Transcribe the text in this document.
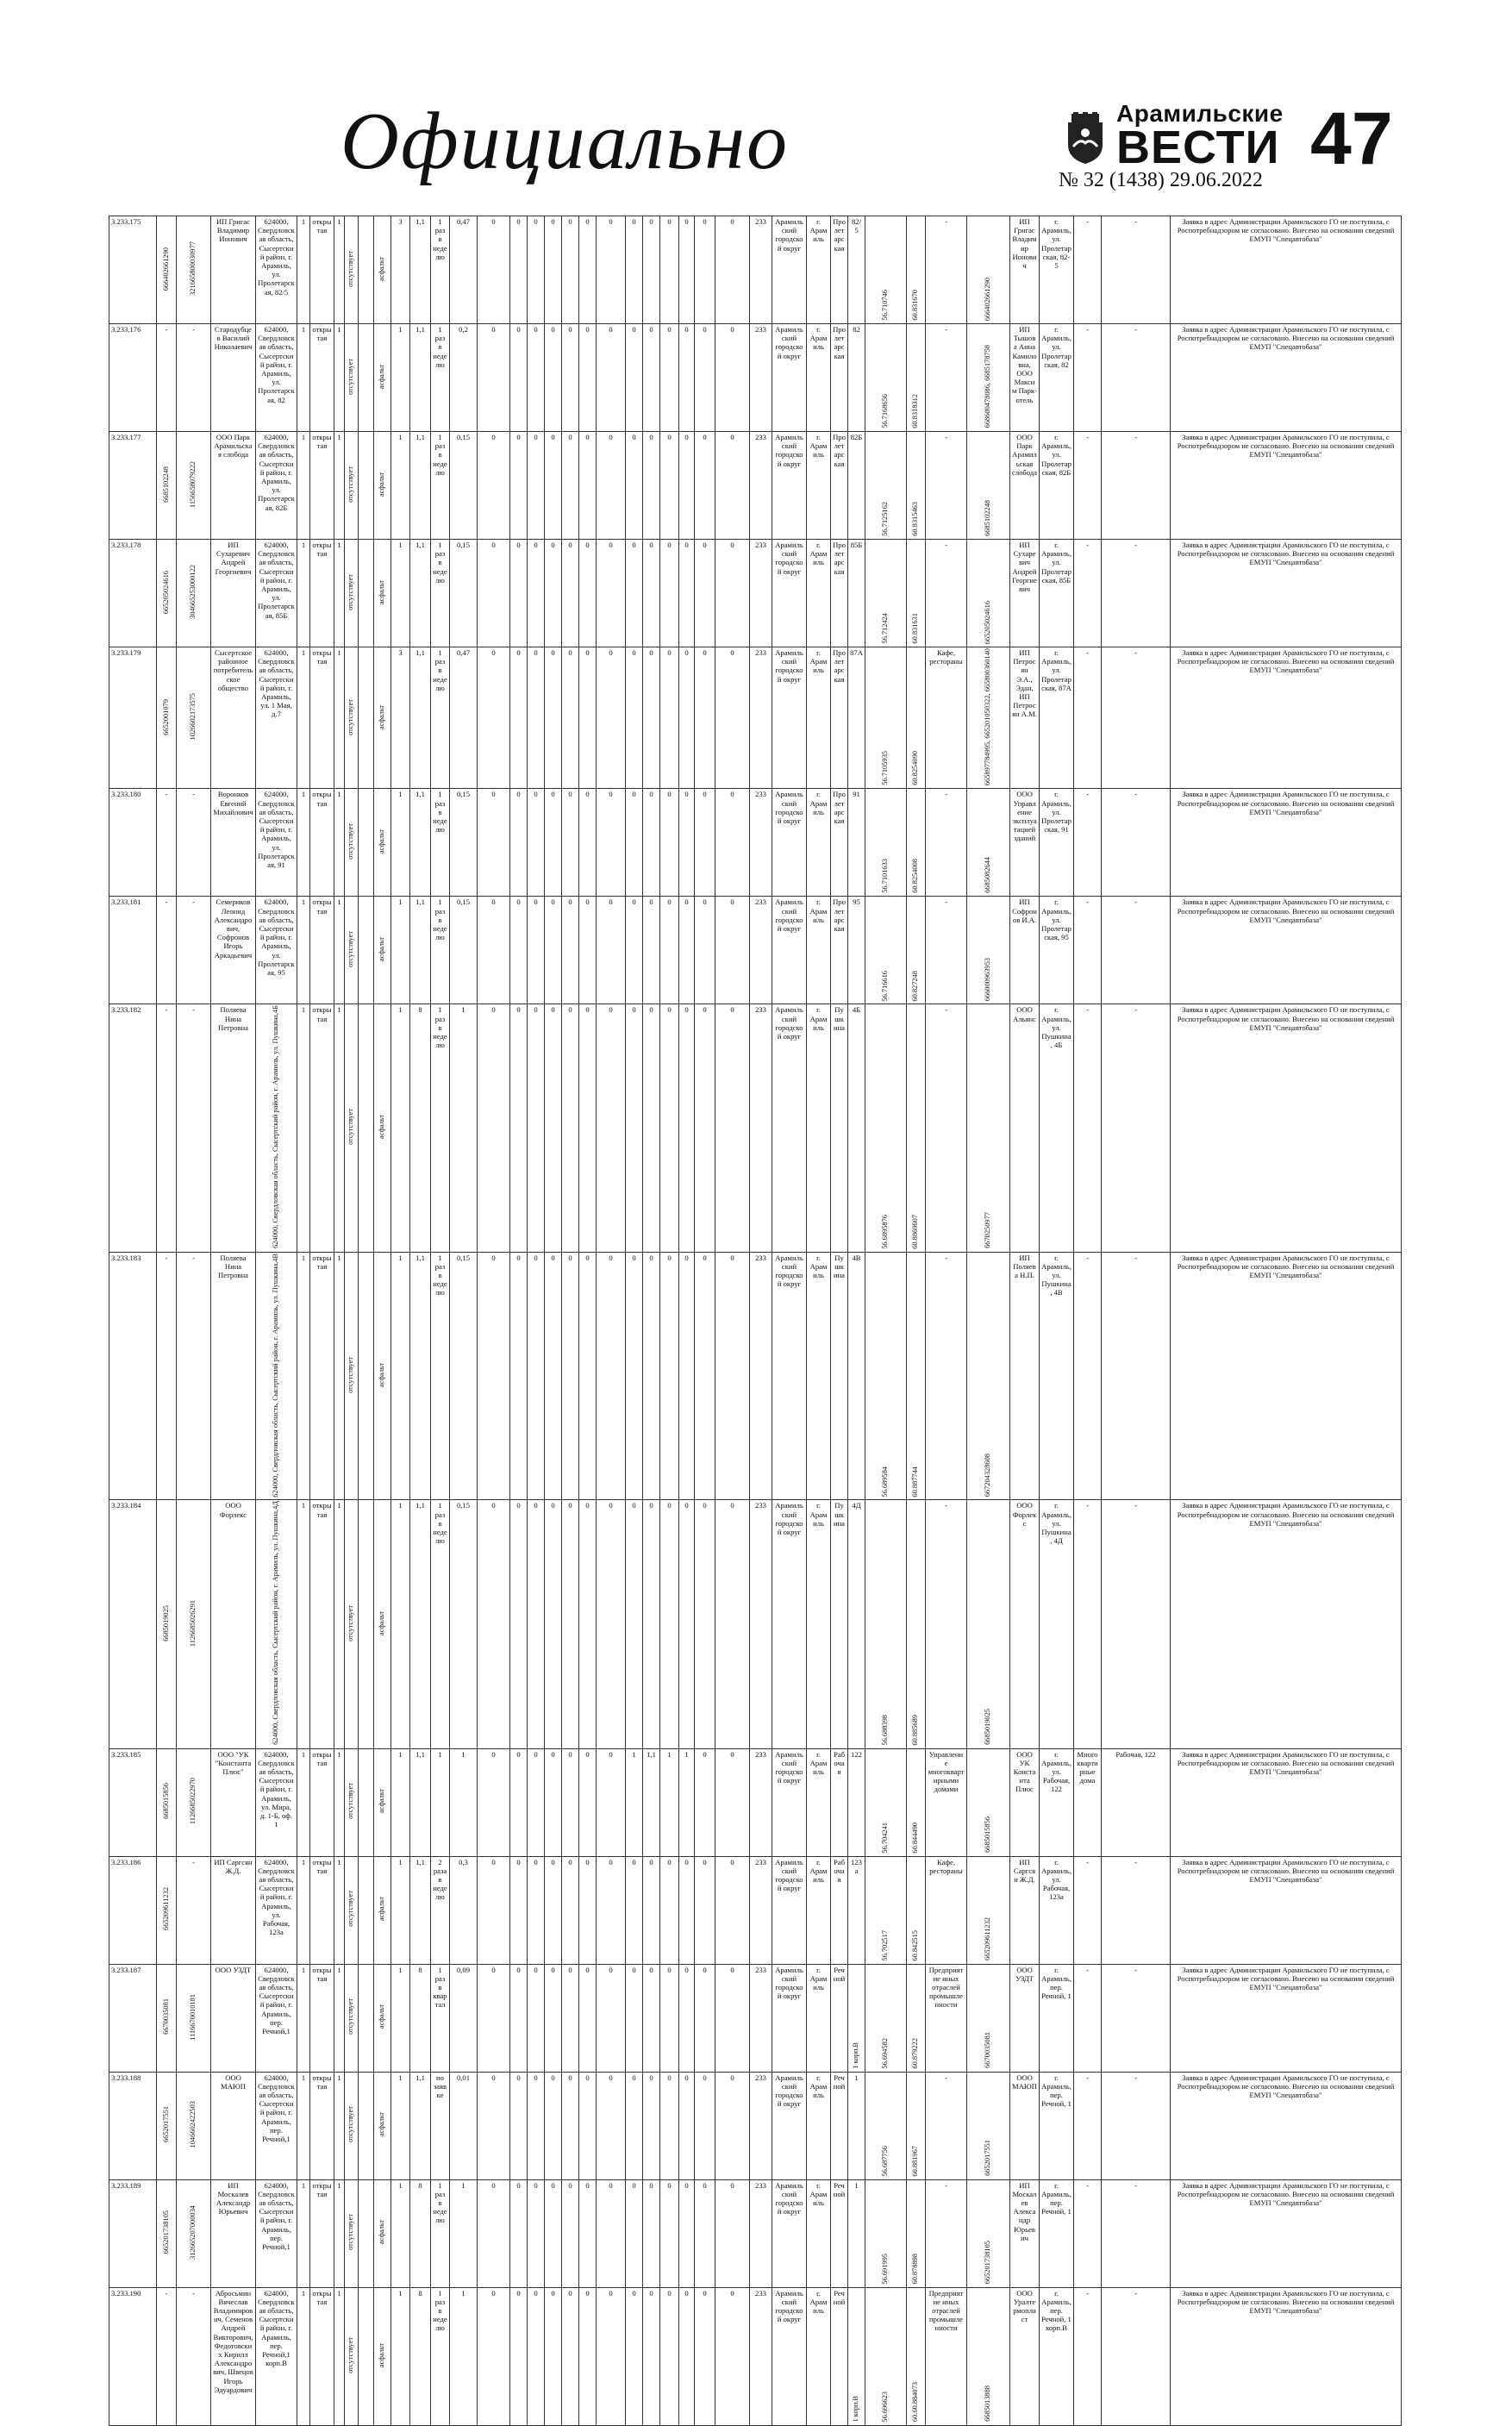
Официально	Арамильские
ВЕСТИ
№ 32 (1438) 29.06.2022 47
3.233.175	666402661290	321665800030977	ИП Григас Владимир Ионович	624000, Свердловская область, Сысертский район, г. Арамиль, ул. Пролетарская, 82/5	1	открытая	1	отсутствует		асфальт	3	1,1	1 раз в неделю	0,47	0	0	0	0	0	0	0	0	0	0	0	0	0	233	Арамильский городской округ	г. Арамиль	Пролетарская	82/5	56.710746	60.831670	-	666402661290	ИП Григас Владимир Ионович	г. Арамиль, ул. Пролетарская, 82-5	-	-	Заявка в адрес Администрации Арамильского ГО не поступила, с Роспотребнадзором не согласовано. Внесено на основании сведений ЕМУП "Спецавтобаза"
3.233.176	-	-	Стародубцев Василий Николаевич	624000, Свердловская область, Сысертский район, г. Арамиль, ул. Пролетарская, 82	1	открытая	1	отсутствует		асфальт	1	1,1	1 раз в неделю	0,2	0	0	0	0	0	0	0	0	0	0	0	0	0	233	Арамильский городской округ	г. Арамиль	Пролетарская	82	56.7168656	60.8318312	-	668600478086, 6685178758	ИП Тышова Анна Камиловна, ООО Максим Парк-отель	г. Арамиль, ул. Пролетарская, 82	-	-	Заявка в адрес Администрации Арамильского ГО не поступила, с Роспотребнадзором не согласовано. Внесено на основании сведений ЕМУП "Спецавтобаза"
3.233.177	6685102248	1156658079222	ООО Парк Арамильская слобода	624000, Свердловская область, Сысертский район, г. Арамиль, ул. Пролетарская, 82Б	1	открытая	1	отсутствует		асфальт	1	1,1	1 раз в неделю	0,15	0	0	0	0	0	0	0	0	0	0	0	0	0	233	Арамильский городской округ	г. Арамиль	Пролетарская	82Б	56.7125162	60.8315463	-	6685102248	ООО Парк Арамильская слобода	г. Арамиль, ул. Пролетарская, 82Б	-	-	Заявка в адрес Администрации Арамильского ГО не поступила, с Роспотребнадзором не согласовано. Внесено на основании сведений ЕМУП "Спецавтобаза"
3.233.178	665205024616	304665253000122	ИП Сухаревич Андрей Георгиевич	624000, Свердловская область, Сысертский район, г. Арамиль, ул. Пролетарская, 85Б	1	открытая	1	отсутствует		асфальт	1	1,1	1 раз в неделю	0,15	0	0	0	0	0	0	0	0	0	0	0	0	0	233	Арамильский городской округ	г. Арамиль	Пролетарская	85Б	56.712424	60.831631	-	665205024616	ИП Сухаревич Андрей Георгиевич	г. Арамиль, ул. Пролетарская, 85Б	-	-	Заявка в адрес Администрации Арамильского ГО не поступила, с Роспотребнадзором не согласовано. Внесено на основании сведений ЕМУП "Спецавтобаза"
3.233.179	6652001079	1026602173575	Сысертское районное потребительское общество	624000, Свердловская область, Сысертский район, г. Арамиль, ул. 1 Мая, д.7	1	открытая	1	отсутствует		асфальт	3	1,1	1 раз в неделю	0,47	0	0	0	0	0	0	0	0	0	0	0	0	0	233	Арамильский городской округ	г. Арамиль	Пролетарская	87А	56.7105935	60.8254090	Кафе, рестораны	665897784995, 665201050322, 665800360140	ИП Петросян Э.А., Эдан, ИП Петросян А.М.	г. Арамиль, ул. Пролетарская, 87А	-	-	Заявка в адрес Администрации Арамильского ГО не поступила, с Роспотребнадзором не согласовано. Внесено на основании сведений ЕМУП "Спецавтобаза"
3.233.180	-	-	Воронков Евгений Михайлович	624000, Свердловская область, Сысертский район, г. Арамиль, ул. Пролетарская, 91	1	открытая	1	отсутствует		асфальт	1	1,1	1 раз в неделю	0,15	0	0	0	0	0	0	0	0	0	0	0	0	0	233	Арамильский городской округ	г. Арамиль	Пролетарская	91	56.7101633	60.8254008	-	6685082644	ООО Управление эксплуатацией зданий	г. Арамиль, ул. Пролетарская, 91	-	-	Заявка в адрес Администрации Арамильского ГО не поступила, с Роспотребнадзором не согласовано. Внесено на основании сведений ЕМУП "Спецавтобаза"
3.233.181	-	-	Семериков Леонид Александрович, Софронов Игорь Аркадьевич	624000, Свердловская область, Сысертский район, г. Арамиль, ул. Пролетарская, 95	1	открытая	1	отсутствует		асфальт	1	1,1	1 раз в неделю	0,15	0	0	0	0	0	0	0	0	0	0	0	0	0	233	Арамильский городской округ	г. Арамиль	Пролетарская	95	56.716616	60.827248	-	666000963953	ИП Софронов И.А.	г. Арамиль, ул. Пролетарская, 95	-	-	Заявка в адрес Администрации Арамильского ГО не поступила, с Роспотребнадзором не согласовано. Внесено на основании сведений ЕМУП "Спецавтобаза"
3.233.182	-	-	Поляева Нина Петровна	624000, Свердловская область, Сысертский район, г. Арамиль, ул. Пушкина,4Б	1	открытая	1	отсутствует		асфальт	1	8	1 раз в неделю	1	0	0	0	0	0	0	0	0	0	0	0	0	0	233	Арамильский городской округ	г. Арамиль	Пушкина	4Б	56.6895876	60.8869607	-	6670250977	ООО Альянс	г. Арамиль, ул. Пушкина, 4Б	-	-	Заявка в адрес Администрации Арамильского ГО не поступила, с Роспотребнадзором не согласовано. Внесено на основании сведений ЕМУП "Спецавтобаза"
3.233.183	-	-	Поляева Нина Петровна	624000, Свердловская область, Сысертский район, г. Арамиль, ул. Пушкина,4В	1	открытая	1	отсутствует		асфальт	1	1,1	1 раз в неделю	0,15	0	0	0	0	0	0	0	0	0	0	0	0	0	233	Арамильский городской округ	г. Арамиль	Пушкина	4В	56.689584	60.887744	-	667204328608	ИП Поляева Н.П.	г. Арамиль, ул. Пушкина, 4В	-	-	Заявка в адрес Администрации Арамильского ГО не поступила, с Роспотребнадзором не согласовано. Внесено на основании сведений ЕМУП "Спецавтобаза"
3.233.184	6685019025	1126685026291	ООО Форлекс	624000, Свердловская область, Сысертский район, г. Арамиль, ул. Пушкина,4Д	1	открытая	1	отсутствует		асфальт	1	1,1	1 раз в неделю	0,15	0	0	0	0	0	0	0	0	0	0	0	0	0	233	Арамильский городской округ	г. Арамиль	Пушкина	4Д	56.688398	60.885689	-	6685019025	ООО Форлекс	г. Арамиль, ул. Пушкина, 4Д	-	-	Заявка в адрес Администрации Арамильского ГО не поступила, с Роспотребнадзором не согласовано. Внесено на основании сведений ЕМУП "Спецавтобаза"
3.233.185	6685015856	1126685022970	ООО "УК "Константа Плюс"	624000, Свердловская область, Сысертский район, г. Арамиль, ул. Мира, д. 1-Б, оф. 1	1	открытая	1	отсутствует		асфальт	1	1,1	1	1	0	0	0	0	0	0	0	1	1,1	1	1	0	0	233	Арамильский городской округ	г. Арамиль	Рабочая	122	56.704241	60.844490	Управление многоквартирными домами	6685015856	ООО УК Константа Плюс	г. Арамиль, ул. Рабочая, 122	Многоквартирные дома	Рабочая, 122	Заявка в адрес Администрации Арамильского ГО не поступила, с Роспотребнадзором не согласовано. Внесено на основании сведений ЕМУП "Спецавтобаза"
3.233.186	665209611232	-	ИП Саргсян Ж.Д.	624000, Свердловская область, Сысертский район, г. Арамиль, ул. Рабочая, 123а	1	открытая	1	отсутствует		асфальт	1	1,1	2 раза в неделю	0,3	0	0	0	0	0	0	0	0	0	0	0	0	0	233	Арамильский городской округ	г. Арамиль	Рабочая	123а	56.702517	60.842515	Кафе, рестораны	665209611232	ИП Саргсян Ж.Д.	г. Арамиль, ул. Рабочая, 123а	-	-	Заявка в адрес Администрации Арамильского ГО не поступила, с Роспотребнадзором не согласовано. Внесено на основании сведений ЕМУП "Спецавтобаза"
3.233.187	6670035081	1116670010181	ООО УЗДТ	624000, Свердловская область, Сысертский район, г. Арамиль, пер. Речной,1	1	открытая	1	отсутствует		асфальт	1	8	1 раз в квартал	0,09	0	0	0	0	0	0	0	0	0	0	0	0	0	233	Арамильский городской округ	г. Арамиль	Речной	1 корп.В	56.694582	60.879222	Предприятие иных отраслей промышленности	6670035081	ООО УЗДТ	г. Арамиль, пер. Речной, 1	-	-	Заявка в адрес Администрации Арамильского ГО не поступила, с Роспотребнадзором не согласовано. Внесено на основании сведений ЕМУП "Спецавтобаза"
3.233.188	6652017551	1046602422503	ООО МАЮП	624000, Свердловская область, Сысертский район, г. Арамиль, пер. Речной,1	1	открытая	1	отсутствует		асфальт	1	1,1	по заявке	0,01	0	0	0	0	0	0	0	0	0	0	0	0	0	233	Арамильский городской округ	г. Арамиль	Речной	1	56.687756	60.881967	-	6652017551	ООО МАЮП	г. Арамиль, пер. Речной, 1	-	-	Заявка в адрес Администрации Арамильского ГО не поступила, с Роспотребнадзором не согласовано. Внесено на основании сведений ЕМУП "Спецавтобаза"
3.233.189	665201738105	312665207000034	ИП Москалев Александр Юрьевич	624000, Свердловская область, Сысертский район, г. Арамиль, пер. Речной,1	1	открытая	1	отсутствует		асфальт	1	8	1 раз в неделю	1	0	0	0	0	0	0	0	0	0	0	0	0	0	233	Арамильский городской округ	г. Арамиль	Речной	1	56.691995	60.878898	-	665201738105	ИП Москалев Александр Юрьевич	г. Арамиль, пер. Речной, 1	-	-	Заявка в адрес Администрации Арамильского ГО не поступила, с Роспотребнадзором не согласовано. Внесено на основании сведений ЕМУП "Спецавтобаза"
3.233.190	-	-	Абросьмин Вячеслав Владимирович, Семенов Андрей Викторович, Федотовских Кирилл Александрович, Швецов Игорь Эдуардович	624000, Свердловская область, Сысертский район, г. Арамиль, пер. Речной,1 корп.В	1	открытая	1	отсутствует		асфальт	1	8	1 раз в неделю	1	0	0	0	0	0	0	0	0	0	0	0	0	0	233	Арамильский городской округ	г. Арамиль	Речной	1 корп.В	56.696623	60.60.884073	Предприятие иных отраслей промышленности	6685013888	ООО Уралтермопласт	г. Арамиль, пер. Речной, 1 корп.В	-	-	Заявка в адрес Администрации Арамильского ГО не поступила, с Роспотребнадзором не согласовано. Внесено на основании сведений ЕМУП "Спецавтобаза"
